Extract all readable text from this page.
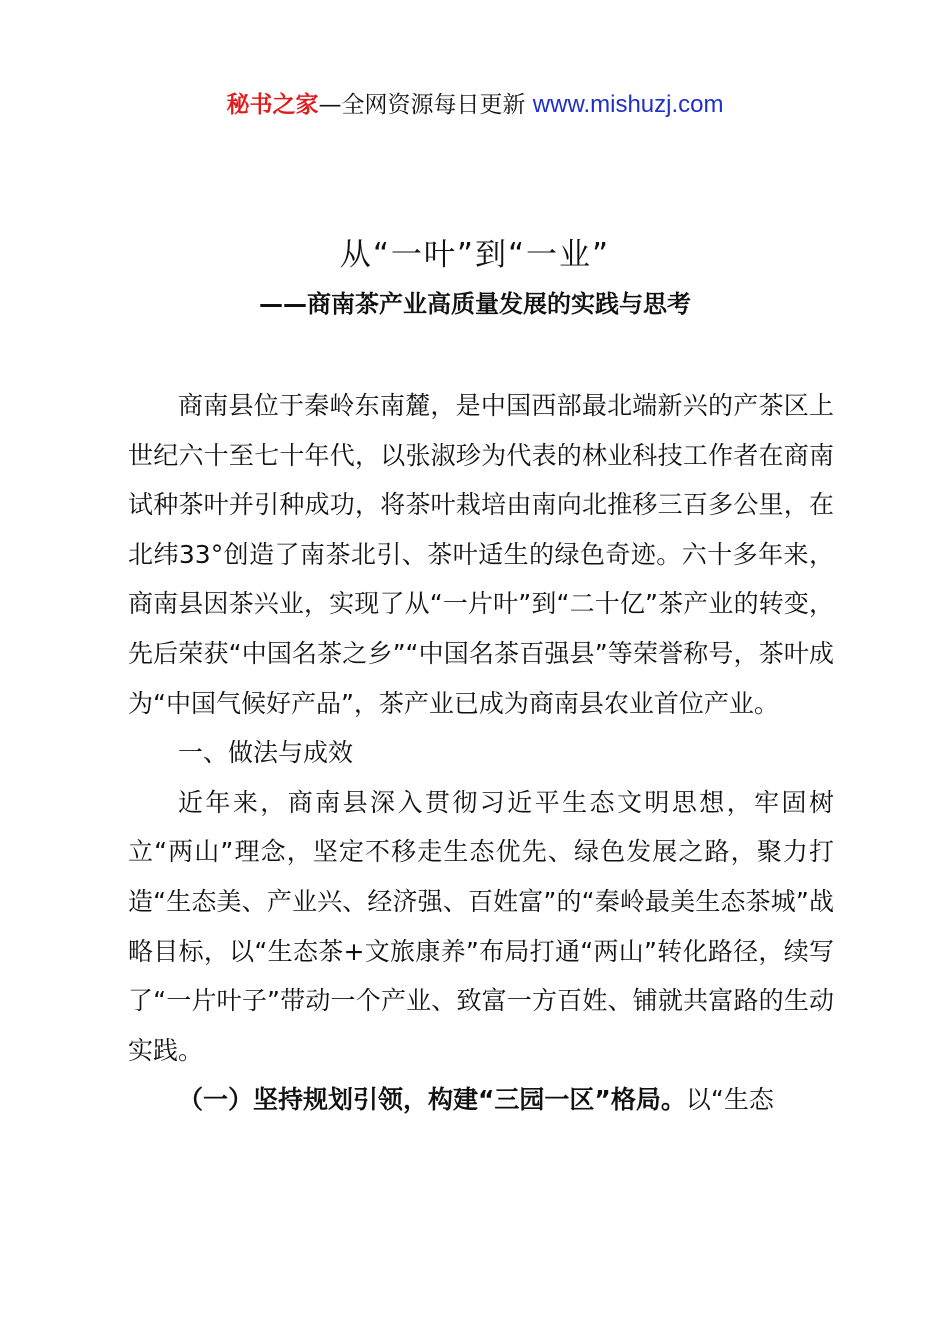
秘书之家—全网资源每日更新 www.mishuzj.com
从“一叶”到“一业”
——商南茶产业高质量发展的实践与思考

商南县位于秦岭东南麓，是中国西部最北端新兴的产茶区上世纪六十至七十年代，以张淑珍为代表的林业科技工作者在商南试种茶叶并引种成功，将茶叶栽培由南向北推移三百多公里，在北纬33°创造了南茶北引、茶叶适生的绿色奇迹。六十多年来，商南县因茶兴业，实现了从“一片叶”到“二十亿”茶产业的转变，先后荣获“中国名茶之乡”“中国名茶百强县”等荣誉称号，茶叶成为“中国气候好产品”，茶产业已成为商南县农业首位产业。

一、做法与成效

近年来，商南县深入贯彻习近平生态文明思想，牢固树立“两山”理念，坚定不移走生态优先、绿色发展之路，聚力打造“生态美、产业兴、经济强、百姓富”的“秦岭最美生态茶城”战略目标，以“生态茶+文旅康养”布局打通“两山”转化路径，续写了“一片叶子”带动一个产业、致富一方百姓、铺就共富路的生动实践。

（一）坚持规划引领，构建“三园一区”格局。以“生态
